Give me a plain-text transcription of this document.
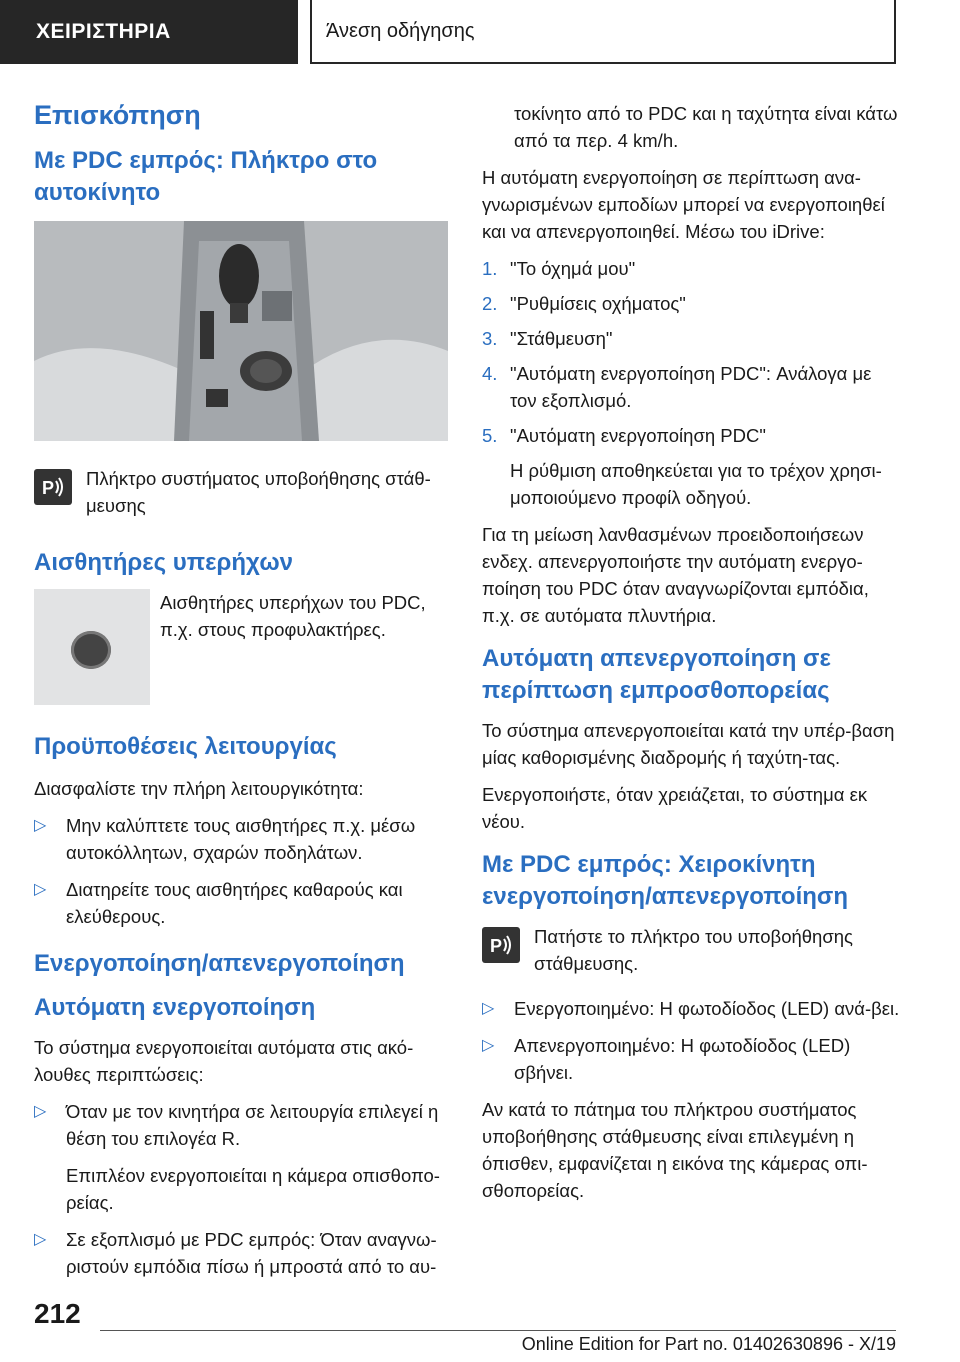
ΧΕΙΡΙΣΤΗΡΙΑ	Άνεση οδήγησης
Επισκόπηση
Με PDC εμπρός: Πλήκτρο στο αυτοκίνητο
P Πλήκτρο συστήματος υποβοήθησης στάθ-μευσης
Αισθητήρες υπερήχων
Αισθητήρες υπερήχων του PDC, π.χ. στους προφυλακτήρες.
Προϋποθέσεις λειτουργίας

Διασφαλίστε την πλήρη λειτουργικότητα:

▷ Μην καλύπτετε τους αισθητήρες π.χ. μέσω αυτοκόλλητων, σχαρών ποδηλάτων.
▷ Διατηρείτε τους αισθητήρες καθαρούς και ελεύθερους.
Ενεργοποίηση/απενεργοποίηση
Αυτόματη ενεργοποίηση

Το σύστημα ενεργοποιείται αυτόματα στις ακό-λουθες περιπτώσεις:

▷ Όταν με τον κινητήρα σε λειτουργία επιλεγεί η θέση του επιλογέα R.

Επιπλέον ενεργοποιείται η κάμερα οπισθοπο-ρείας.

▷ Σε εξοπλισμό με PDC εμπρός: Όταν αναγνω-ριστούν εμπόδια πίσω ή μπροστά από το αυ-

τοκίνητο από το PDC και η ταχύτητα είναι κάτω από τα περ. 4 km/h.

Η αυτόματη ενεργοποίηση σε περίπτωση ανα-γνωρισμένων εμποδίων μπορεί να ενεργοποιηθεί και να απενεργοποιηθεί. Μέσω του iDrive:

1. "Το όχημά μου"
2. "Ρυθμίσεις οχήματος"
3. "Στάθμευση"
4. "Αυτόματη ενεργοποίηση PDC": Ανάλογα με τον εξοπλισμό.
5. "Αυτόματη ενεργοποίηση PDC"

Η ρύθμιση αποθηκεύεται για το τρέχον χρησι-μοποιούμενο προφίλ οδηγού.

Για τη μείωση λανθασμένων προειδοποιήσεων ενδεχ. απενεργοποιήστε την αυτόματη ενεργο-ποίηση του PDC όταν αναγνωρίζονται εμπόδια, π.χ. σε αυτόματα πλυντήρια.

Αυτόματη απενεργοποίηση σε περίπτωση εμπροσθοπορείας

Το σύστημα απενεργοποιείται κατά την υπέρ-βαση μίας καθορισμένης διαδρομής ή ταχύτη-τας.

Ενεργοποιήστε, όταν χρειάζεται, το σύστημα εκ νέου.

Με PDC εμπρός: Χειροκίνητη ενεργοποίηση/απενεργοποίηση
P Πατήστε το πλήκτρο του υποβοήθησης στάθμευσης.
▷ Ενεργοποιημένο: Η φωτοδίοδος (LED) ανά-βει.
▷ Απενεργοποιημένο: Η φωτοδίοδος (LED) σβήνει.

Αν κατά το πάτημα του πλήκτρου συστήματος υποβοήθησης στάθμευσης είναι επιλεγμένη η όπισθεν, εμφανίζεται η εικόνα της κάμερας οπι-σθοπορείας.

212
Online Edition for Part no. 01402630896 - X/19
